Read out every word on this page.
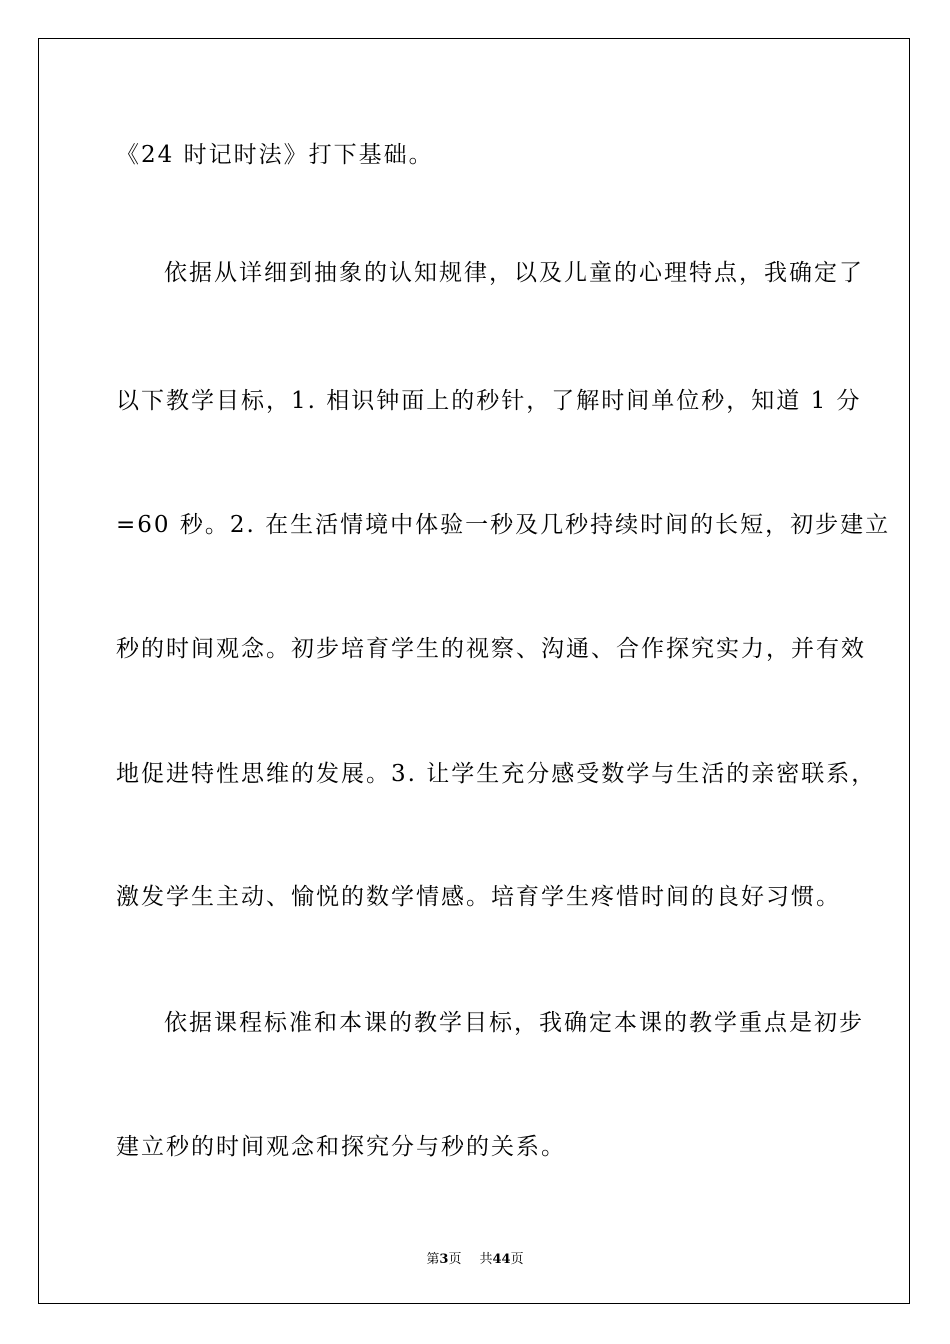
《24 时记时法》打下基础。
依据从详细到抽象的认知规律，以及儿童的心理特点，我确定了
以下教学目标，1. 相识钟面上的秒针，了解时间单位秒，知道 1 分
=60 秒。2. 在生活情境中体验一秒及几秒持续时间的长短，初步建立
秒的时间观念。初步培育学生的视察、沟通、合作探究实力，并有效
地促进特性思维的发展。3. 让学生充分感受数学与生活的亲密联系，
激发学生主动、愉悦的数学情感。培育学生疼惜时间的良好习惯。
依据课程标准和本课的教学目标，我确定本课的教学重点是初步
建立秒的时间观念和探究分与秒的关系。
第3页 共44页
